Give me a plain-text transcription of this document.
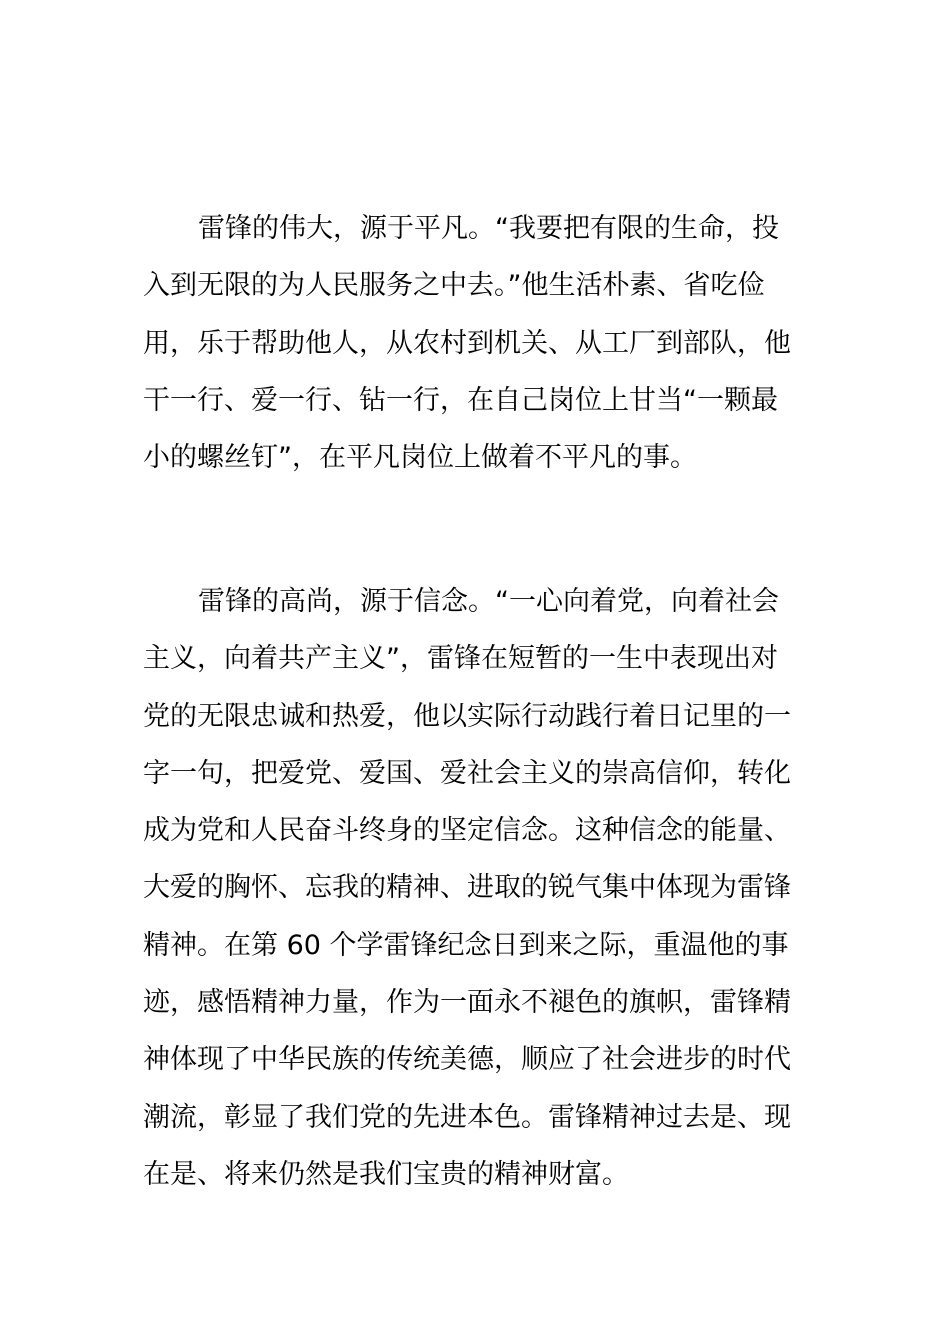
雷锋的伟大，源于平凡。“我要把有限的生命，投
入到无限的为人民服务之中去。”他生活朴素、省吃俭
用，乐于帮助他人，从农村到机关、从工厂到部队，他
干一行、爱一行、钻一行，在自己岗位上甘当“一颗最
小的螺丝钉”，在平凡岗位上做着不平凡的事。
雷锋的高尚，源于信念。“一心向着党，向着社会
主义，向着共产主义”，雷锋在短暂的一生中表现出对
党的无限忠诚和热爱，他以实际行动践行着日记里的一
字一句，把爱党、爱国、爱社会主义的崇高信仰，转化
成为党和人民奋斗终身的坚定信念。这种信念的能量、
大爱的胸怀、忘我的精神、进取的锐气集中体现为雷锋
精神。在第 60 个学雷锋纪念日到来之际，重温他的事
迹，感悟精神力量，作为一面永不褪色的旗帜，雷锋精
神体现了中华民族的传统美德，顺应了社会进步的时代
潮流，彰显了我们党的先进本色。雷锋精神过去是、现
在是、将来仍然是我们宝贵的精神财富。
